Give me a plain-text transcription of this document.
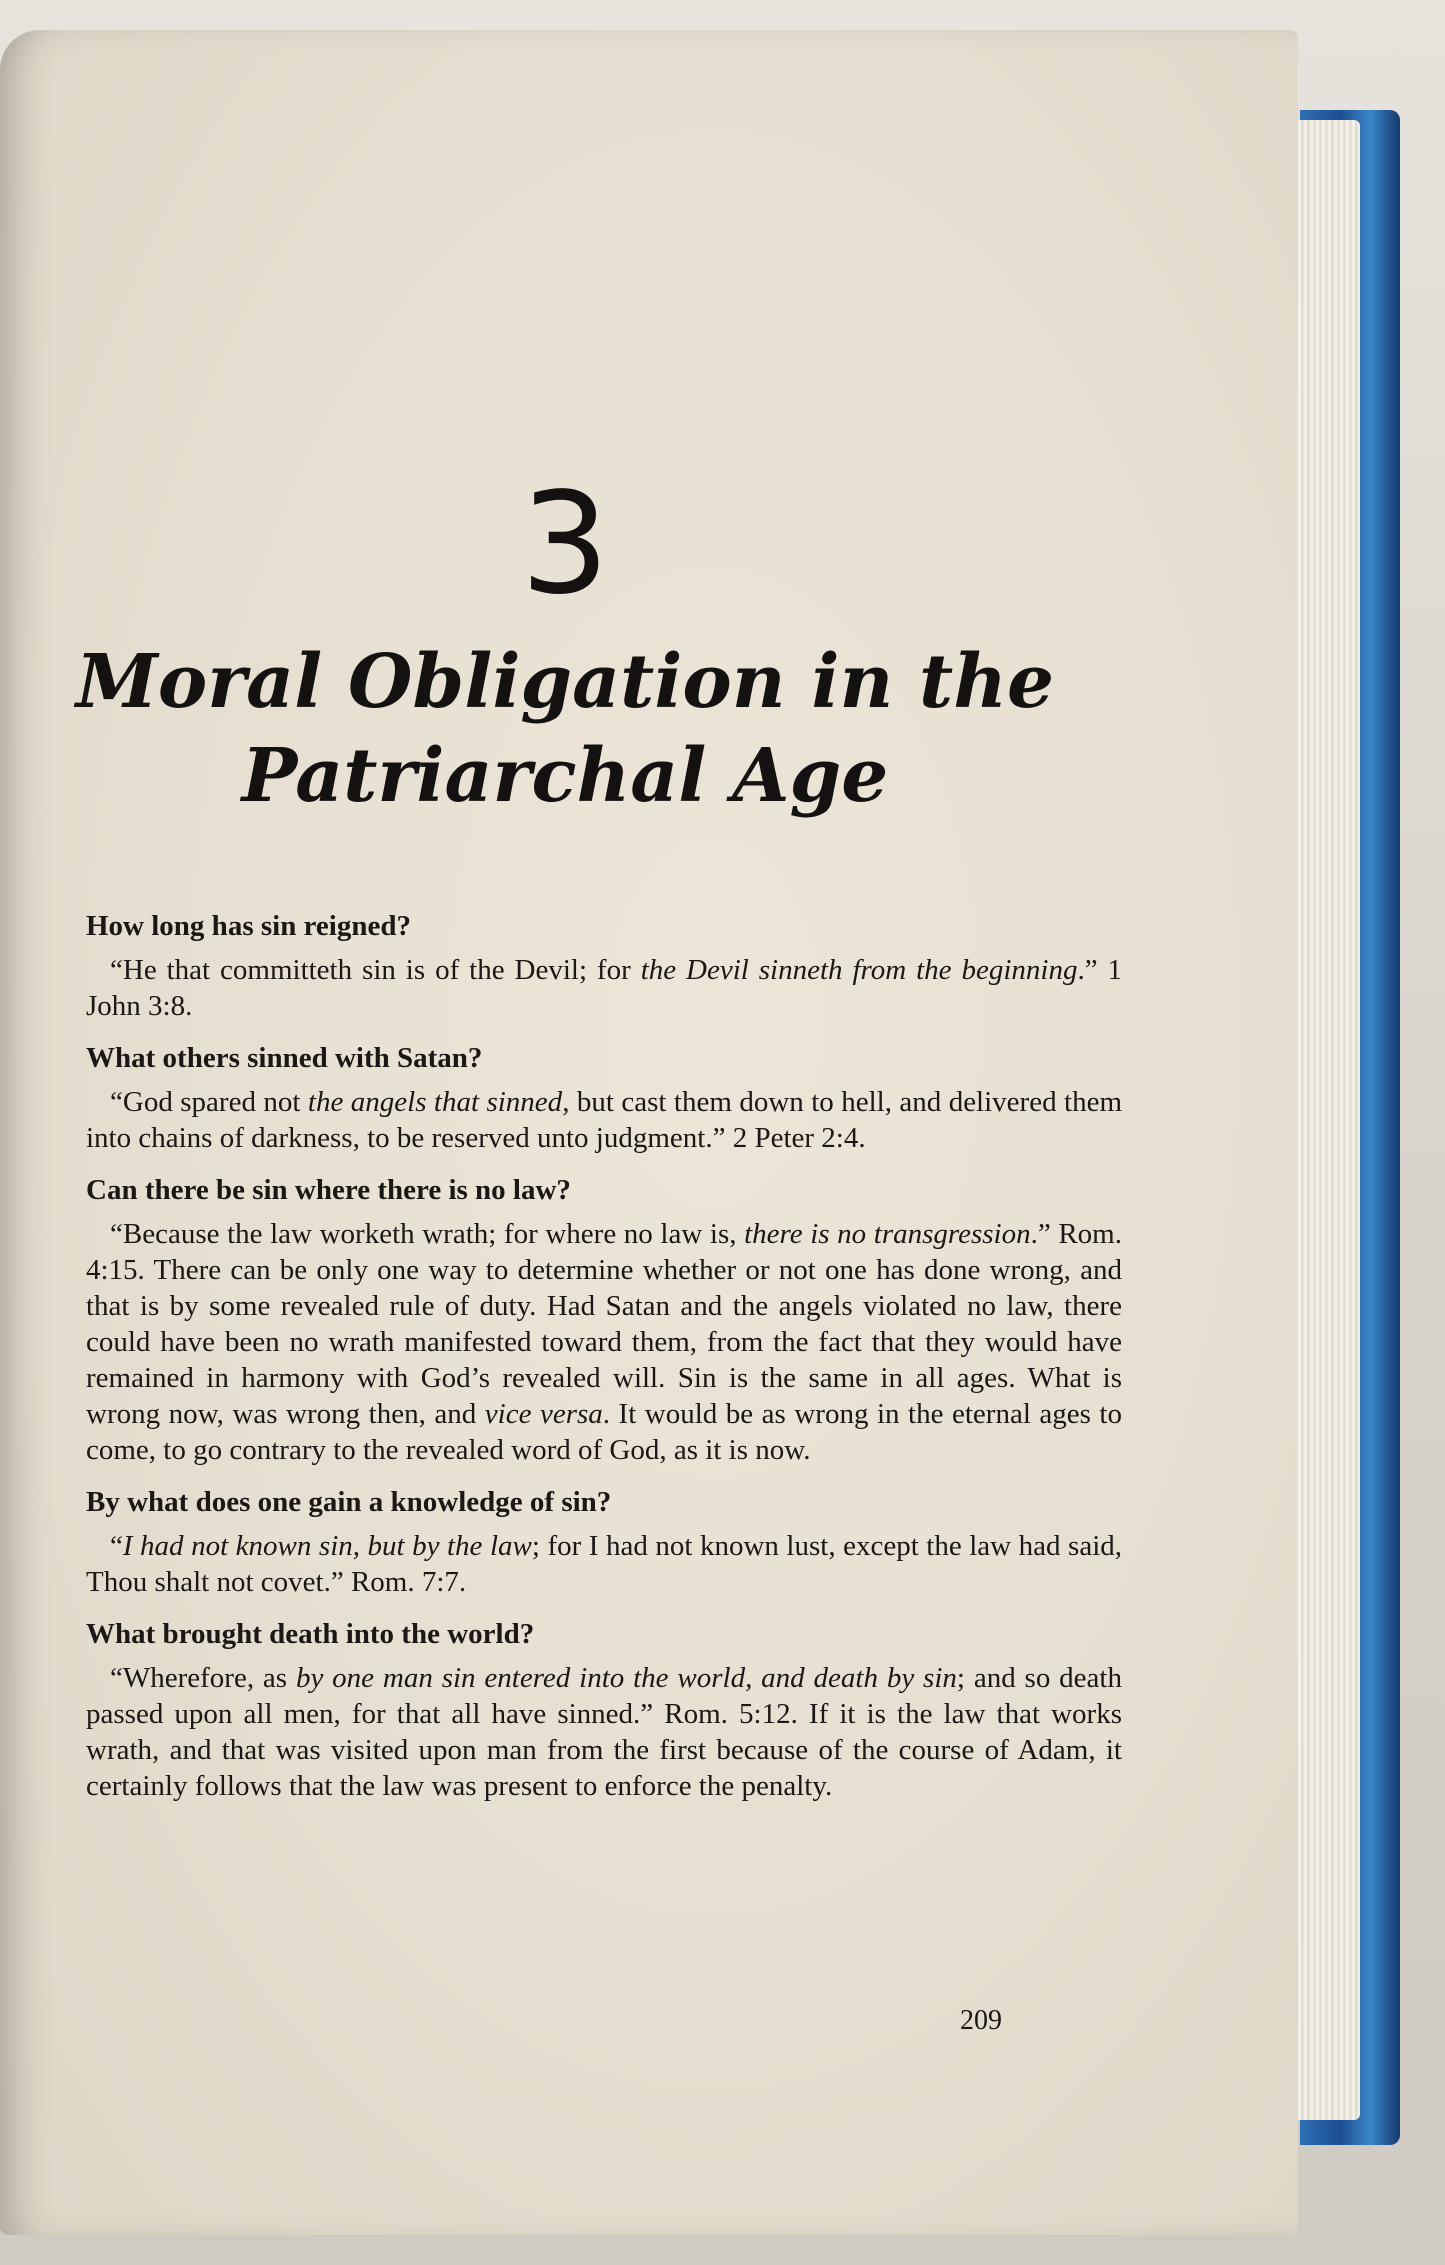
3
Moral Obligation in the
Patriarchal Age

How long has sin reigned?

“He that committeth sin is of the Devil; for the Devil sinneth from the beginning.” 1 John 3:8.

What others sinned with Satan?

“God spared not the angels that sinned, but cast them down to hell, and delivered them into chains of darkness, to be reserved unto judgment.” 2 Peter 2:4.

Can there be sin where there is no law?

“Because the law worketh wrath; for where no law is, there is no transgression.” Rom. 4:15. There can be only one way to determine whether or not one has done wrong, and that is by some revealed rule of duty. Had Satan and the angels violated no law, there could have been no wrath manifested toward them, from the fact that they would have remained in harmony with God’s revealed will. Sin is the same in all ages. What is wrong now, was wrong then, and vice versa. It would be as wrong in the eternal ages to come, to go contrary to the revealed word of God, as it is now.

By what does one gain a knowledge of sin?

“I had not known sin, but by the law; for I had not known lust, except the law had said, Thou shalt not covet.” Rom. 7:7.

What brought death into the world?

“Wherefore, as by one man sin entered into the world, and death by sin; and so death passed upon all men, for that all have sinned.” Rom. 5:12. If it is the law that works wrath, and that was visited upon man from the first because of the course of Adam, it certainly follows that the law was present to enforce the penalty.

209
